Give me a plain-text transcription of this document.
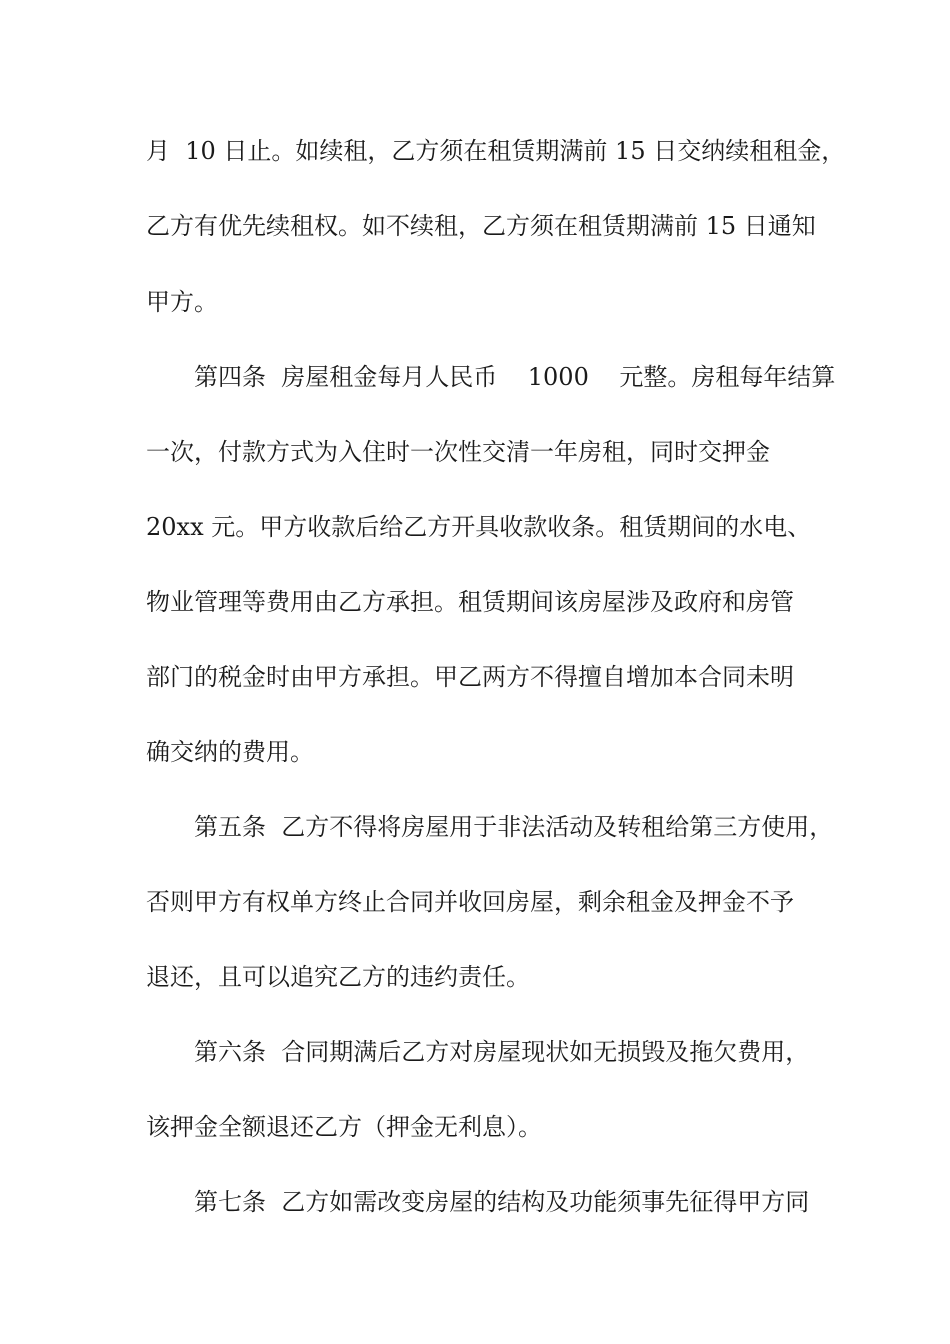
月  10 日止。如续租，乙方须在租赁期满前 15 日交纳续租租金，

乙方有优先续租权。如不续租，乙方须在租赁期满前 15 日通知

甲方。

第四条  房屋租金每月人民币    1000    元整。房租每年结算

一次，付款方式为入住时一次性交清一年房租，同时交押金

20xx 元。甲方收款后给乙方开具收款收条。租赁期间的水电、

物业管理等费用由乙方承担。租赁期间该房屋涉及政府和房管

部门的税金时由甲方承担。甲乙两方不得擅自增加本合同未明

确交纳的费用。

第五条  乙方不得将房屋用于非法活动及转租给第三方使用，

否则甲方有权单方终止合同并收回房屋，剩余租金及押金不予

退还，且可以追究乙方的违约责任。

第六条  合同期满后乙方对房屋现状如无损毁及拖欠费用，

该押金全额退还乙方（押金无利息）。

第七条  乙方如需改变房屋的结构及功能须事先征得甲方同
